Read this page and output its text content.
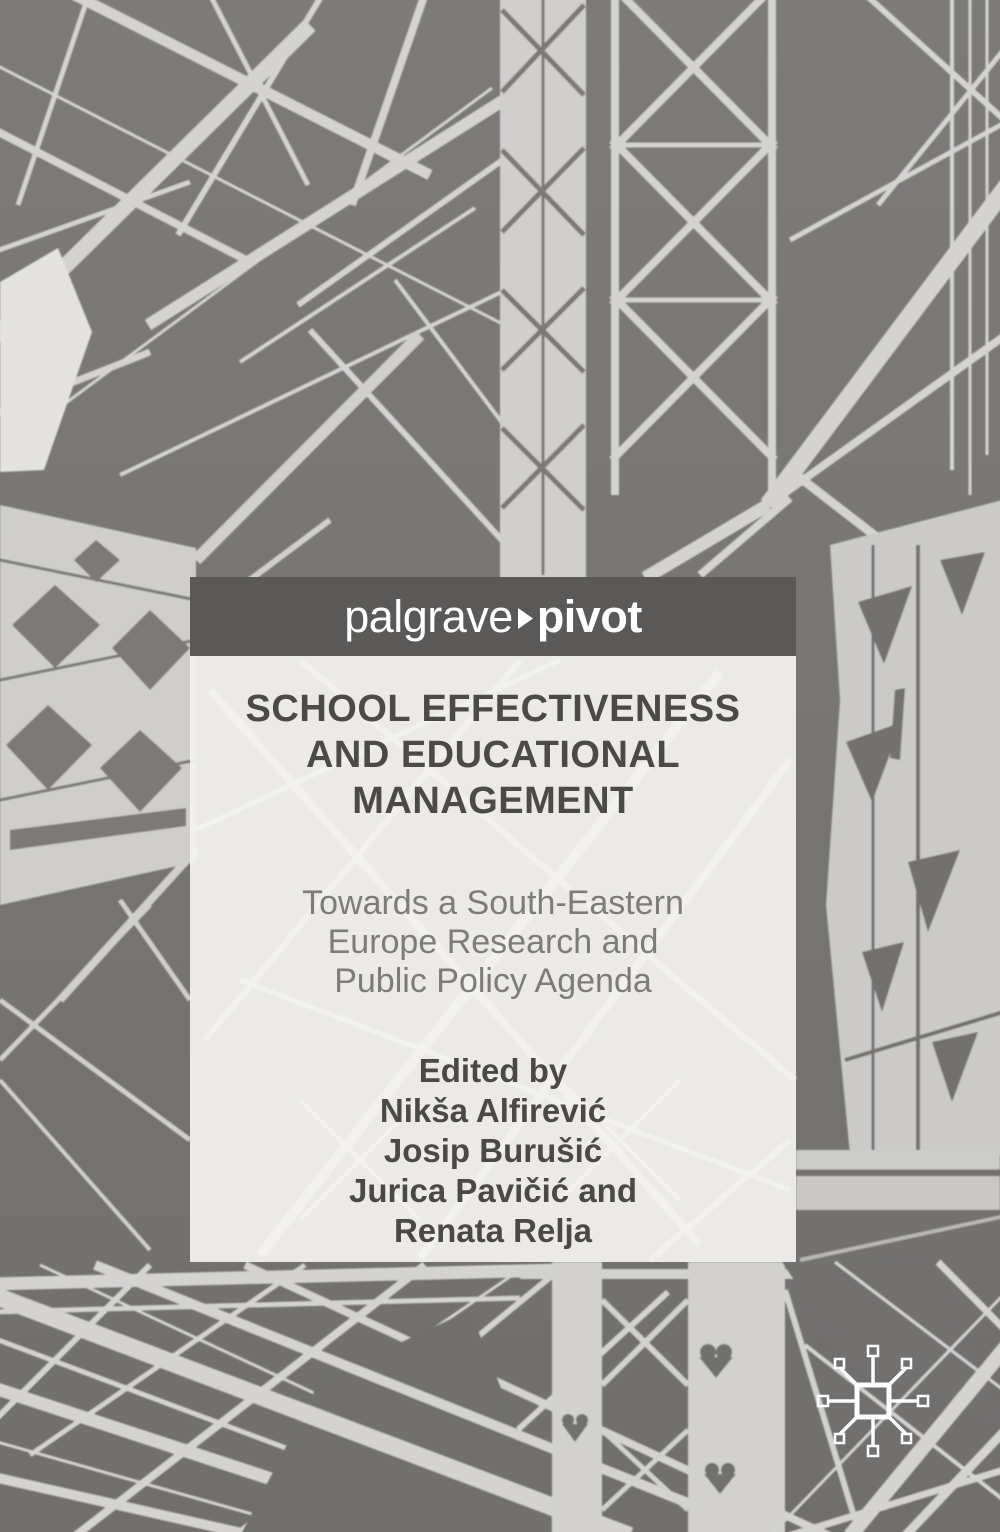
palgrave pivot
SCHOOL EFFECTIVENESS
AND EDUCATIONAL
MANAGEMENT
Towards a South-Eastern
Europe Research and
Public Policy Agenda
Edited by
Nikša Alfirević
Josip Burušić
Jurica Pavičić and
Renata Relja
